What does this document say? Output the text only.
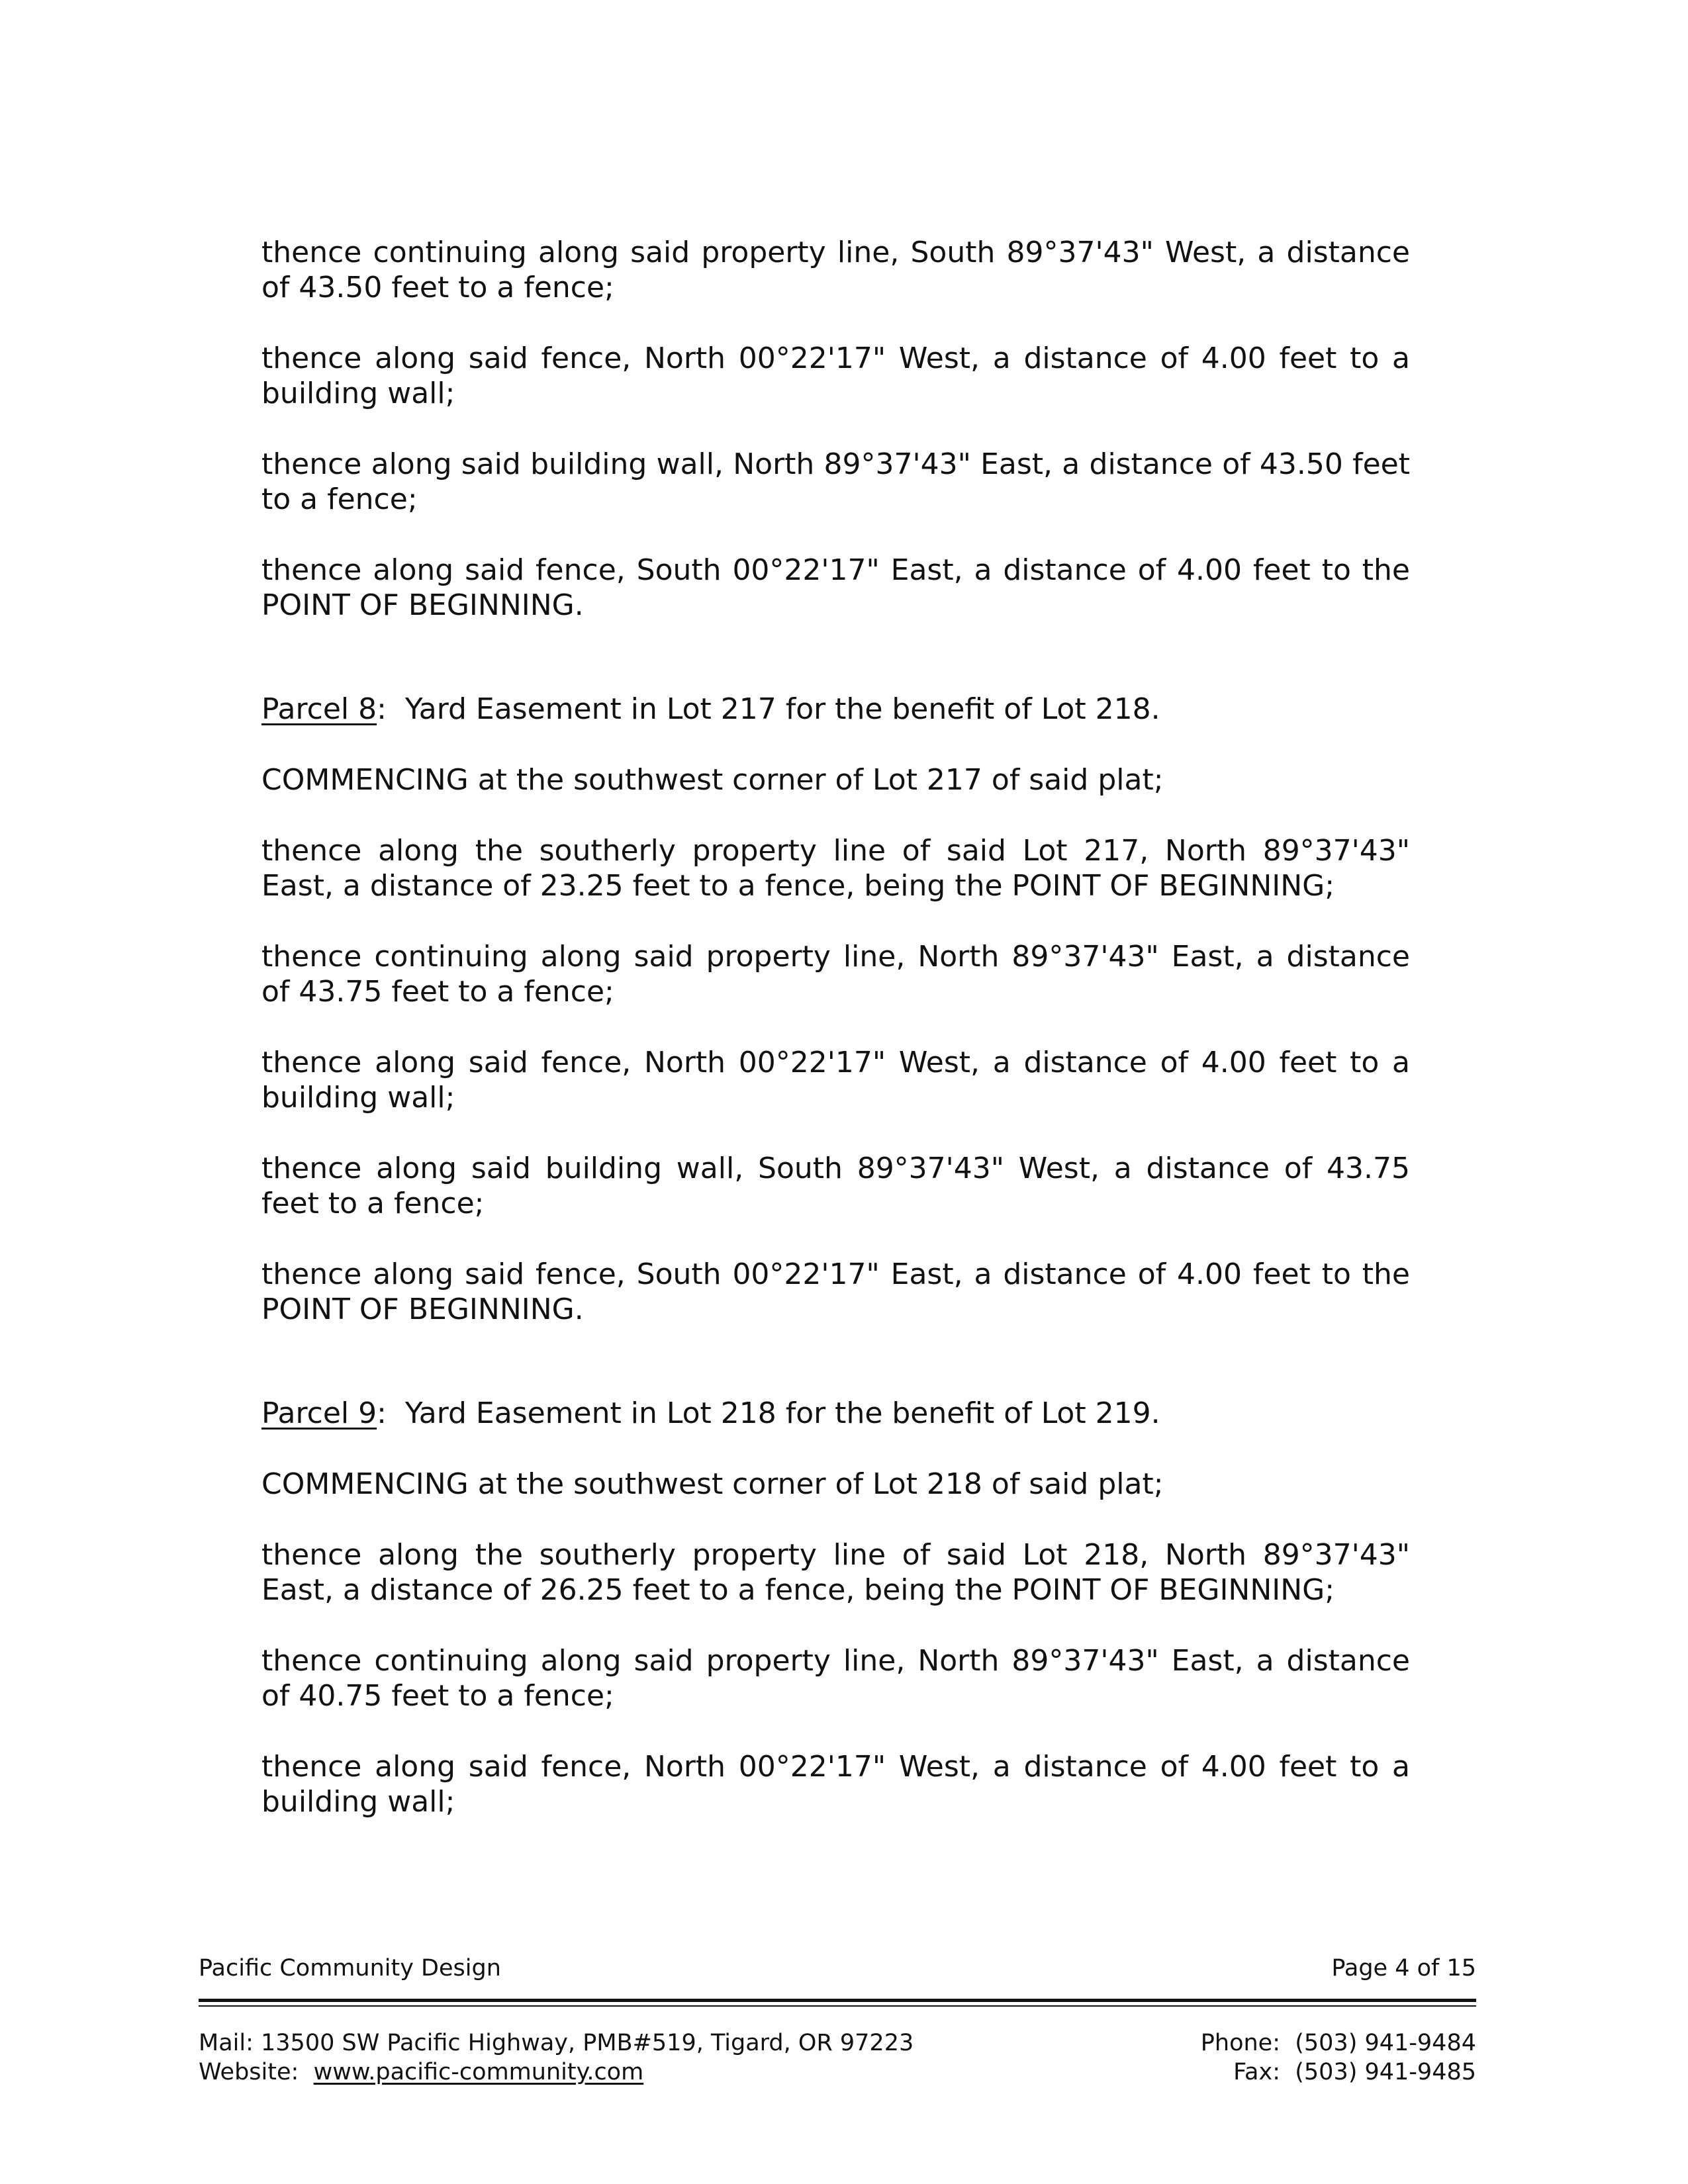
thence continuing along said property line, South 89°37'43" West, a distance of 43.50 feet to a fence;

thence along said fence, North 00°22'17" West, a distance of 4.00 feet to a building wall;

thence along said building wall, North 89°37'43" East, a distance of 43.50 feet to a fence;

thence along said fence, South 00°22'17" East, a distance of 4.00 feet to the POINT OF BEGINNING.

Parcel 8:  Yard Easement in Lot 217 for the benefit of Lot 218.

COMMENCING at the southwest corner of Lot 217 of said plat;

thence along the southerly property line of said Lot 217, North 89°37'43" East, a distance of 23.25 feet to a fence, being the POINT OF BEGINNING;

thence continuing along said property line, North 89°37'43" East, a distance of 43.75 feet to a fence;

thence along said fence, North 00°22'17" West, a distance of 4.00 feet to a building wall;

thence along said building wall, South 89°37'43" West, a distance of 43.75 feet to a fence;

thence along said fence, South 00°22'17" East, a distance of 4.00 feet to the POINT OF BEGINNING.

Parcel 9:  Yard Easement in Lot 218 for the benefit of Lot 219.

COMMENCING at the southwest corner of Lot 218 of said plat;

thence along the southerly property line of said Lot 218, North 89°37'43" East, a distance of 26.25 feet to a fence, being the POINT OF BEGINNING;

thence continuing along said property line, North 89°37'43" East, a distance of 40.75 feet to a fence;

thence along said fence, North 00°22'17" West, a distance of 4.00 feet to a building wall;

Pacific Community Design	Page 4 of 15
Mail: 13500 SW Pacific Highway, PMB#519, Tigard, OR 97223
Website: www.pacific-community.com
Phone:  (503) 941-9484
Fax:  (503) 941-9485
